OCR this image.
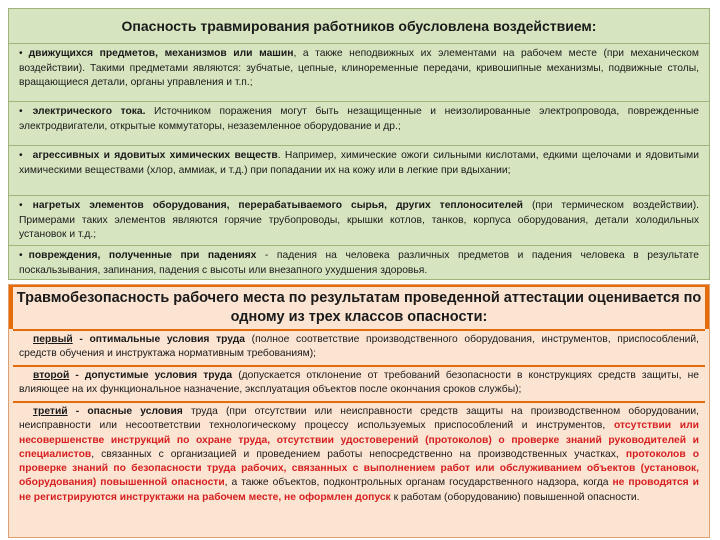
Опасность травмирования работников обусловлена воздействием:
• движущихся предметов, механизмов или машин, а также неподвижных их элементами на рабочем месте (при механическом воздействии). Такими предметами являются: зубчатые, цепные, клиноременные передачи, кривошипные механизмы, подвижные столы, вращающиеся детали, органы управления и т.п.;
• электрического тока. Источником поражения могут быть незащищенные и неизолированные электропровода, поврежденные электродвигатели, открытые коммутаторы, незаземленное оборудование и др.;
• агрессивных и ядовитых химических веществ. Например, химические ожоги сильными кислотами, едкими щелочами и ядовитыми химическими веществами (хлор, аммиак, и т.д.) при попадании их на кожу или в легкие при вдыхании;
• нагретых элементов оборудования, перерабатываемого сырья, других теплоносителей (при термическом воздействии). Примерами таких элементов являются горячие трубопроводы, крышки котлов, танков, корпуса оборудования, детали холодильных установок и т.д.;
• повреждения, полученные при падениях - падения на человека различных предметов и падения человека в результате поскальзывания, запинания, падения с высоты или внезапного ухудшения здоровья.
Травмобезопасность рабочего места по результатам проведенной аттестации оценивается по одному из трех классов опасности:
первый - оптимальные условия труда (полное соответствие производственного оборудования, инструментов, приспособлений, средств обучения и инструктажа нормативным требованиям);
второй - допустимые условия труда (допускается отклонение от требований безопасности в конструкциях средств защиты, не влияющее на их функциональное назначение, эксплуатация объектов после окончания сроков службы);
третий - опасные условия труда (при отсутствии или неисправности средств защиты на производственном оборудовании, неисправности или несоответствии технологическому процессу используемых приспособлений и инструментов, отсутствии или несовершенстве инструкций по охране труда, отсутствии удостоверений (протоколов) о проверке знаний руководителей и специалистов, связанных с организацией и проведением работы непосредственно на производственных участках, протоколов о проверке знаний по безопасности труда рабочих, связанных с выполнением работ или обслуживанием объектов (установок, оборудования) повышенной опасности, а также объектов, подконтрольных органам государственного надзора, когда не проводятся и не регистрируются инструктажи на рабочем месте, не оформлен допуск к работам (оборудованию) повышенной опасности.
